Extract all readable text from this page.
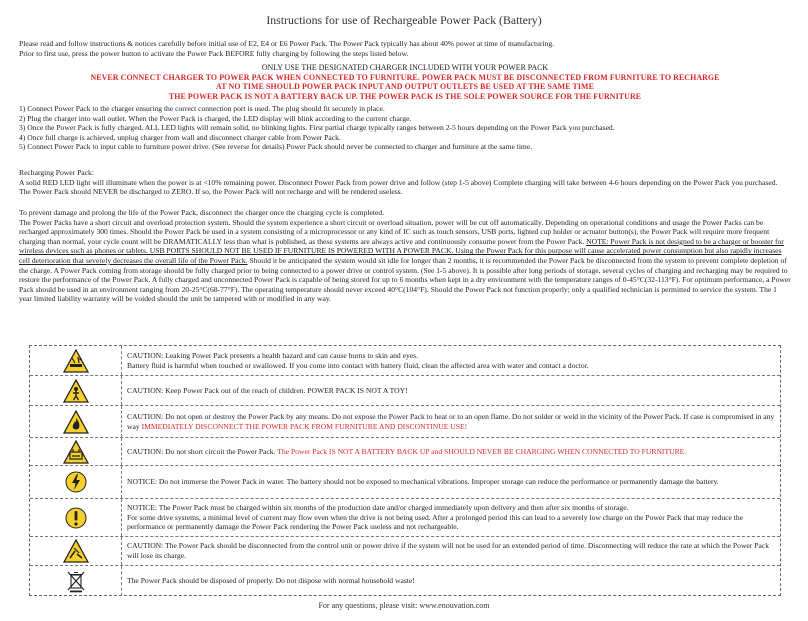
Instructions for use of Rechargeable Power Pack (Battery)
Please read and follow instructions & notices carefully before initial use of E2, E4 or E6 Power Pack. The Power Pack typically has about 40% power at time of manufacturing.
Prior to first use, press the power button to activate the Power Pack BEFORE fully charging by following the steps listed below.
ONLY USE THE DESIGNATED CHARGER INCLUDED WITH YOUR POWER PACK
NEVER CONNECT CHARGER TO POWER PACK WHEN CONNECTED TO FURNITURE. POWER PACK MUST BE DISCONNECTED FROM FURNITURE TO RECHARGE
AT NO TIME SHOULD POWER PACK INPUT AND OUTPUT OUTLETS BE USED AT THE SAME TIME
THE POWER PACK IS NOT A BATTERY BACK UP. THE POWER PACK IS THE SOLE POWER SOURCE FOR THE FURNITURE
1) Connect Power Pack to the charger ensuring the correct connection port is used. The plug should fit securely in place.
2) Plug the charger into wall outlet. When the Power Pack is charged, the LED display will blink according to the current charge.
3) Once the Power Pack is fully charged, ALL LED lights will remain solid, no blinking lights. First partial charge typically ranges between 2-5 hours depending on the Power Pack you purchased.
4) Once full charge is achieved, unplug charger from wall and disconnect charger cable from Power Pack.
5) Connect Power Pack to input cable to furniture power drive. (See reverse for details) Power Pack should never be connected to charger and furniture at the same time.
Recharging Power Pack:
A solid RED LED light will illuminate when the power is at <10% remaining power. Disconnect Power Pack from power drive and follow (step 1-5 above) Complete charging will take between 4-6 hours depending on the Power Pack you purchased. The Power Pack should NEVER be discharged to ZERO. If so, the Power Pack will not recharge and will be rendered useless.
To prevent damage and prolong the life of the Power Pack, disconnect the charger once the charging cycle is completed.
The Power Packs have a short circuit and overload protection system. Should the system experience a short circuit or overload situation, power will be cut off automatically. Depending on operational conditions and usage the Power Packs can be recharged approximately 300 times. Should the Power Pack be used in a system consisting of a microprocessor or any kind of IC such as touch sensors, USB ports, lighted cup holder or actuator button(s), the Power Pack will require more frequent charging than normal, your cycle count will be DRAMATICALLY less than what is published, as these systems are always active and continuously consume power from the Power Pack. NOTE: Power Pack is not designed to be a charger or booster for wireless devices such as phones or tablets. USB PORTS SHOULD NOT BE USED IF FURNITURE IS POWERED WITH A POWER PACK. Using the Power Pack for this purpose will cause accelerated power consumption but also rapidly increases cell deterioration that severely decreases the overall life of the Power Pack. Should it be anticipated the system would sit idle for longer than 2 months, it is recommended the Power Pack be disconnected from the system to prevent complete depletion of the charge. A Power Pack coming from storage should be fully charged prior to being connected to a power drive or control system. (See 1-5 above). It is possible after long periods of storage, several cycles of charging and recharging may be required to restore the performance of the Power Pack. A fully charged and unconnected Power Pack is capable of being stored for up to 6 months when kept in a dry environment with the temperature ranges of 0-45°C(32-113°F). For optimum performance, a Power Pack should be used in an environment ranging from 20-25°C(68-77°F). The operating temperature should never exceed 40°C(104°F). Should the Power Pack not function properly; only a qualified technician is permitted to service the system. The 1 year limited liability warranty will be voided should the unit be tampered with or modified in any way.
CAUTION: Leaking Power Pack presents a health hazard and can cause burns to skin and eyes.
Battery fluid is harmful when touched or swallowed. If you come into contact with battery fluid, clean the affected area with water and contact a doctor.
CAUTION: Keep Power Pack out of the reach of children. POWER PACK IS NOT A TOY!
CAUTION: Do not open or destroy the Power Pack by any means. Do not expose the Power Pack to heat or to an open flame. Do not solder or weld in the vicinity of the Power Pack. If case is compromised in any way IMMEDIATELY DISCONNECT THE POWER PACK FROM FURNITURE AND DISCONTINUE USE!
CAUTION: Do not short circuit the Power Pack. The Power Pack IS NOT A BATTERY BACK UP and SHOULD NEVER BE CHARGING WHEN CONNECTED TO FURNITURE.
NOTICE: Do not immerse the Power Pack in water. The battery should not be exposed to mechanical vibrations. Improper storage can reduce the performance or permanently damage the battery.
NOTICE: The Power Pack must be charged within six months of the production date and/or charged immediately upon delivery and then after six months of storage.
For some drive systems, a minimal level of current may flow even when the drive is not being used. After a prolonged period this can lead to a severely low charge on the Power Pack that may reduce the performance or permanently damage the Power Pack rendering the Power Pack useless and not rechargeable.
CAUTION: The Power Pack should be disconnected from the control unit or power drive if the system will not be used for an extended period of time. Disconnecting will reduce the rate at which the Power Pack will lose its charge.
The Power Pack should be disposed of properly. Do not dispose with normal household waste!
For any questions, please visit: www.enouvation.com
